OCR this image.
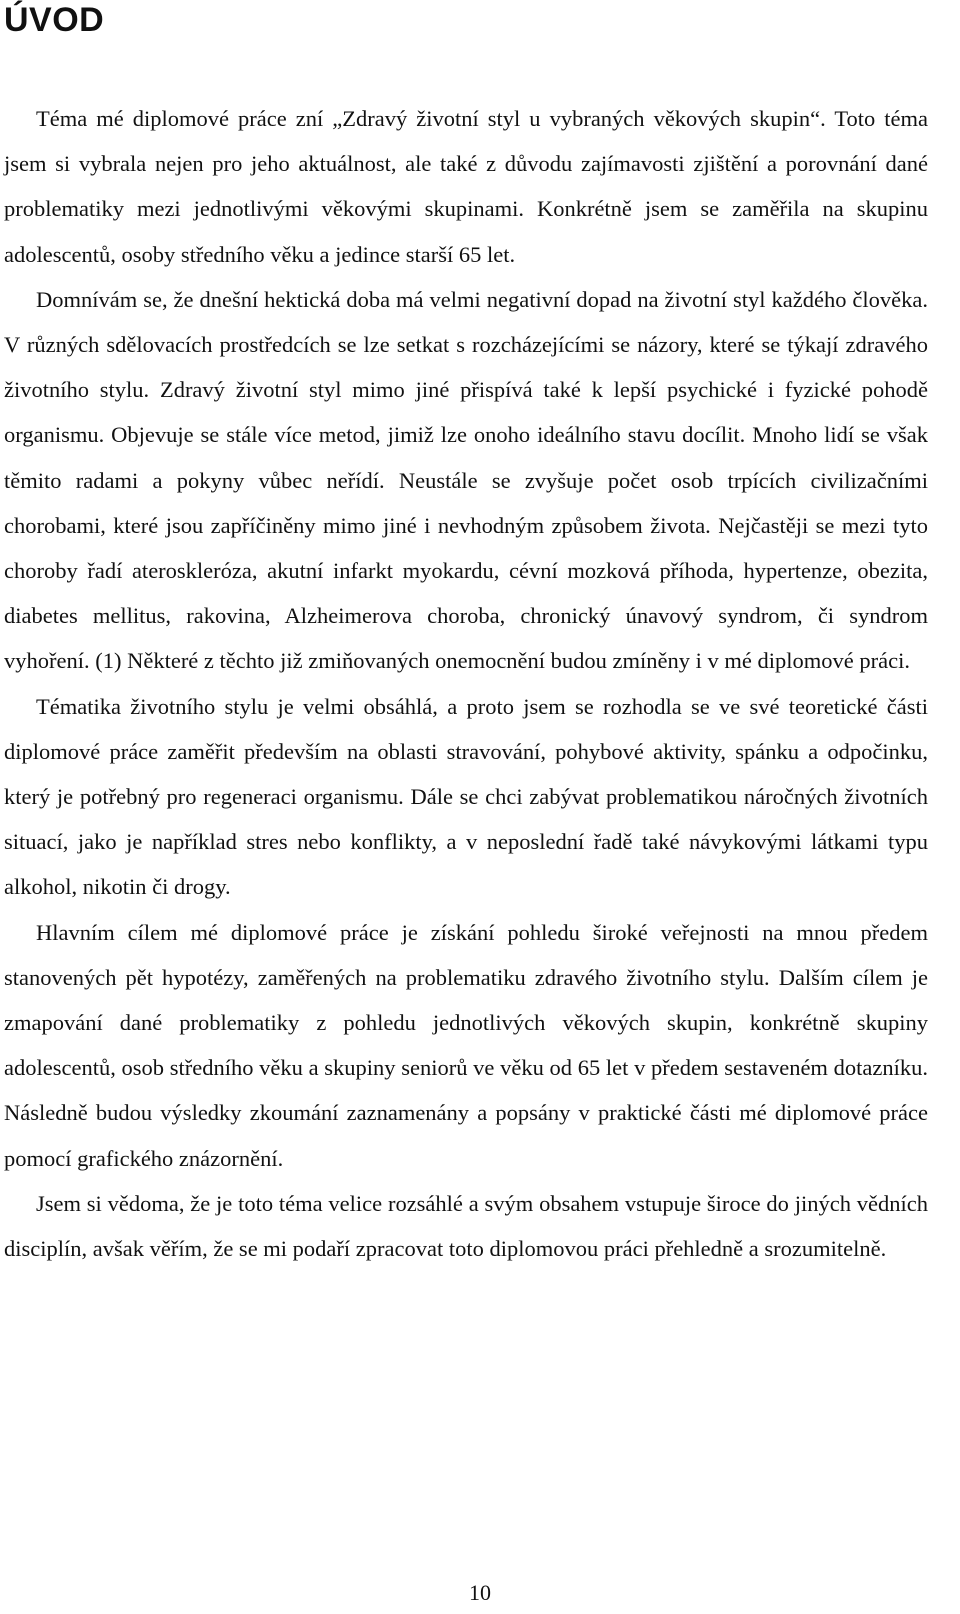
ÚVOD

Téma mé diplomové práce zní „Zdravý životní styl u vybraných věkových skupin“. Toto téma jsem si vybrala nejen pro jeho aktuálnost, ale také z důvodu zajímavosti zjištění a porovnání dané problematiky mezi jednotlivými věkovými skupinami. Konkrétně jsem se zaměřila na skupinu adolescentů, osoby středního věku a jedince starší 65 let.

Domnívám se, že dnešní hektická doba má velmi negativní dopad na životní styl každého člověka. V různých sdělovacích prostředcích se lze setkat s rozcházejícími se názory, které se týkají zdravého životního stylu. Zdravý životní styl mimo jiné přispívá také k lepší psychické i fyzické pohodě organismu. Objevuje se stále více metod, jimiž lze onoho ideálního stavu docílit. Mnoho lidí se však těmito radami a pokyny vůbec neřídí. Neustále se zvyšuje počet osob trpících civilizačními chorobami, které jsou zapříčiněny mimo jiné i nevhodným způsobem života. Nejčastěji se mezi tyto choroby řadí ateroskleróza, akutní infarkt myokardu, cévní mozková příhoda, hypertenze, obezita, diabetes mellitus, rakovina, Alzheimerova choroba, chronický únavový syndrom, či syndrom vyhoření. (1) Některé z těchto již zmiňovaných onemocnění budou zmíněny i v mé diplomové práci.

Tématika životního stylu je velmi obsáhlá, a proto jsem se rozhodla se ve své teoretické části diplomové práce zaměřit především na oblasti stravování, pohybové aktivity, spánku a odpočinku, který je potřebný pro regeneraci organismu. Dále se chci zabývat problematikou náročných životních situací, jako je například stres nebo konflikty, a v neposlední řadě také návykovými látkami typu alkohol, nikotin či drogy.

Hlavním cílem mé diplomové práce je získání pohledu široké veřejnosti na mnou předem stanovených pět hypotézy, zaměřených na problematiku zdravého životního stylu. Dalším cílem je zmapování dané problematiky z pohledu jednotlivých věkových skupin, konkrétně skupiny adolescentů, osob středního věku a skupiny seniorů ve věku od 65 let v předem sestaveném dotazníku. Následně budou výsledky zkoumání zaznamenány a popsány v praktické části mé diplomové práce pomocí grafického znázornění.

Jsem si vědoma, že je toto téma velice rozsáhlé a svým obsahem vstupuje široce do jiných vědních disciplín, avšak věřím, že se mi podaří zpracovat toto diplomovou práci přehledně a srozumitelně.

10
